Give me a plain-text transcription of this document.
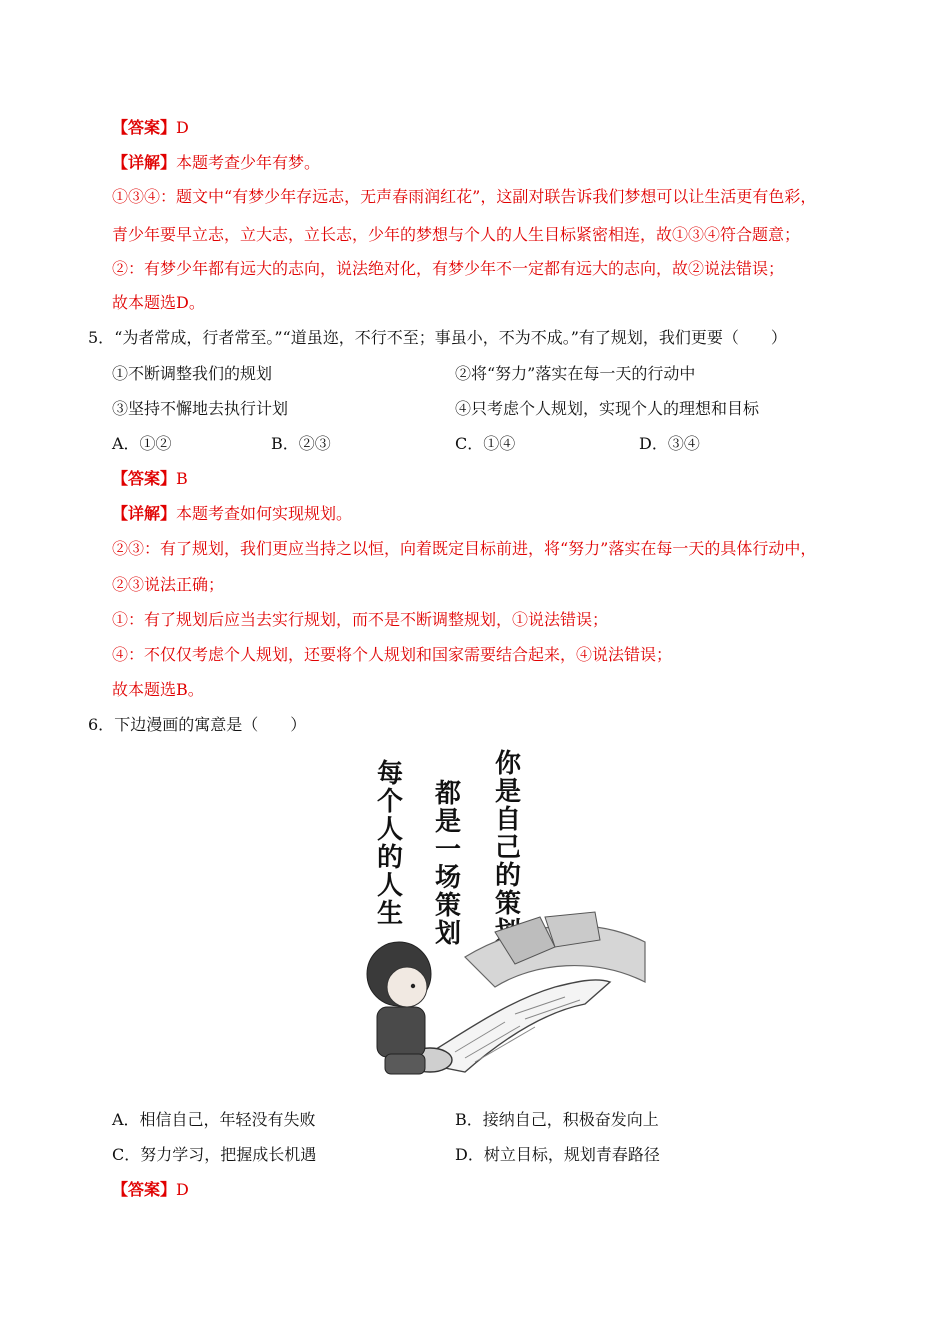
【答案】D
【详解】本题考查少年有梦。
①③④：题文中“有梦少年存远志，无声春雨润红花”，这副对联告诉我们梦想可以让生活更有色彩，
青少年要早立志，立大志，立长志，少年的梦想与个人的人生目标紧密相连，故①③④符合题意；
②：有梦少年都有远大的志向，说法绝对化，有梦少年不一定都有远大的志向，故②说法错误；
故本题选D。
5．“为者常成，行者常至。”“道虽迩，不行不至；事虽小，不为不成。”有了规划，我们更要（　　）
①不断调整我们的规划	②将“努力”落实在每一天的行动中
③坚持不懈地去执行计划	④只考虑个人规划，实现个人的理想和目标
A．①②	B．②③	C．①④	D．③④
【答案】B
【详解】本题考查如何实现规划。
②③：有了规划，我们更应当持之以恒，向着既定目标前进，将“努力”落实在每一天的具体行动中，
②③说法正确；
①：有了规划后应当去实行规划，而不是不断调整规划，①说法错误；
④：不仅仅考虑个人规划，还要将个人规划和国家需要结合起来，④说法错误；
故本题选B。
6．下边漫画的寓意是（　　）
每个人的人生
都是一场策划
你是自己的策
A．相信自己，年轻没有失败	B．接纳自己，积极奋发向上
C．努力学习，把握成长机遇	D．树立目标，规划青春路径
【答案】D
